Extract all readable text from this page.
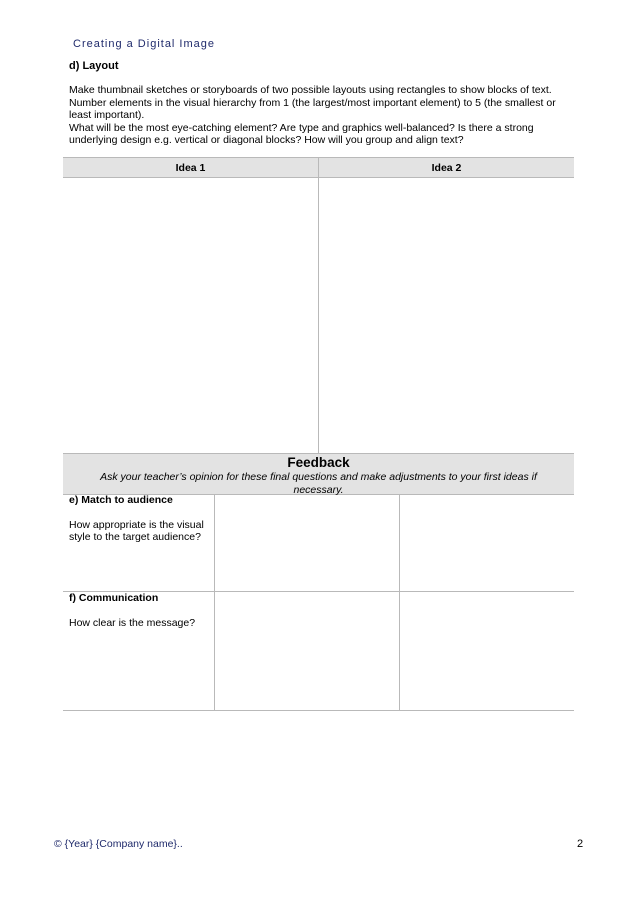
Creating a Digital Image
d) Layout

Make thumbnail sketches or storyboards of two possible layouts using rectangles to show blocks of text. Number elements in the visual hierarchy from 1 (the largest/most important element) to 5 (the smallest or least important).

What will be the most eye-catching element? Are type and graphics well-balanced? Is there a strong underlying design e.g. vertical or diagonal blocks? How will you group and align text?

Idea 1	Idea 2

Feedback
Ask your teacher’s opinion for these final questions and make adjustments to your first ideas if necessary.
e) Match to audience
How appropriate is the visual style to the target audience?		

f) Communication
How clear is the message?		

© {Year} {Company name}..	2
